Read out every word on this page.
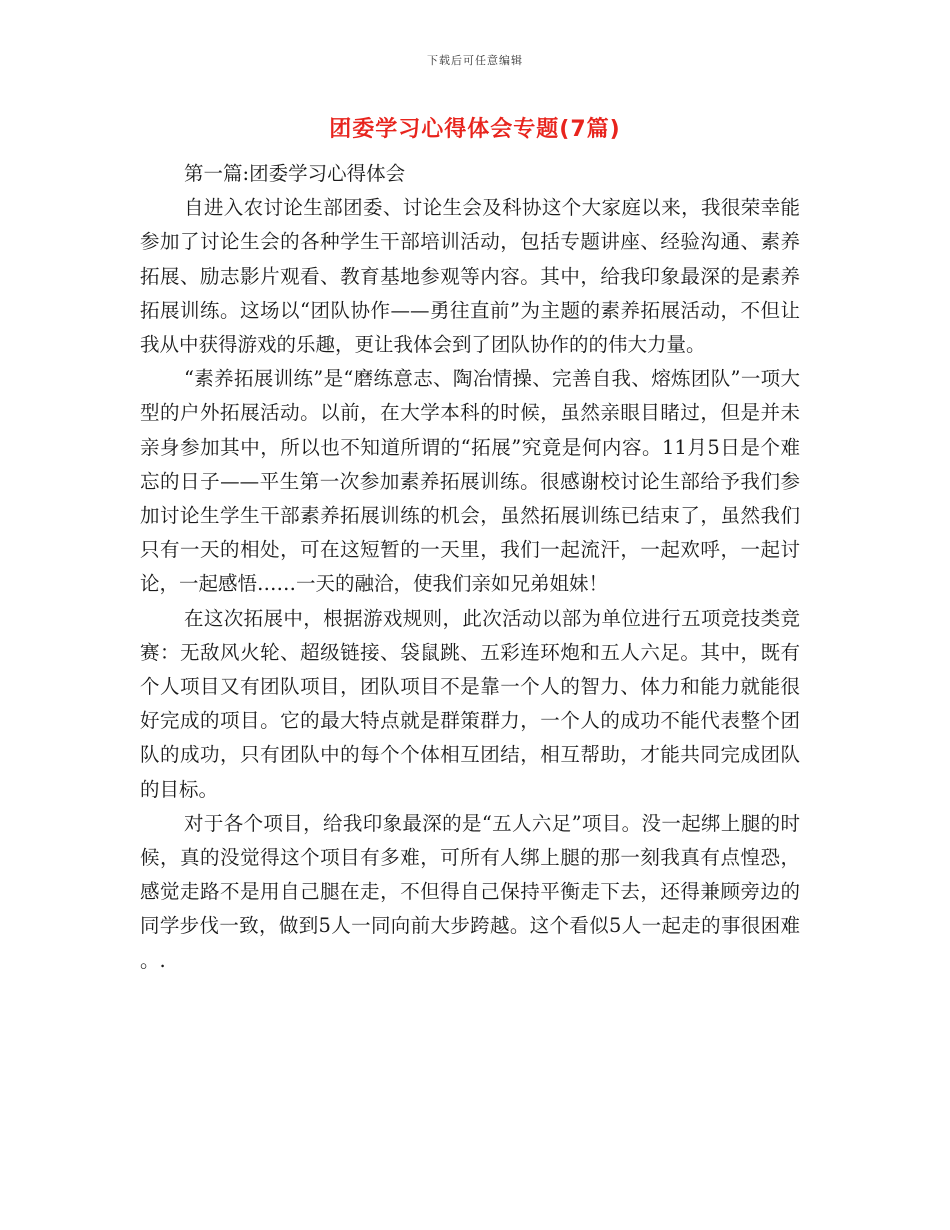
下载后可任意编辑
团委学习心得体会专题(7篇)

第一篇:团委学习心得体会

自进入农讨论生部团委、讨论生会及科协这个大家庭以来，我很荣幸能参加了讨论生会的各种学生干部培训活动，包括专题讲座、经验沟通、素养拓展、励志影片观看、教育基地参观等内容。其中，给我印象最深的是素养拓展训练。这场以“团队协作——勇往直前”为主题的素养拓展活动，不但让我从中获得游戏的乐趣，更让我体会到了团队协作的的伟大力量。

“素养拓展训练”是“磨练意志、陶冶情操、完善自我、熔炼团队”一项大型的户外拓展活动。以前，在大学本科的时候，虽然亲眼目睹过，但是并未亲身参加其中，所以也不知道所谓的“拓展”究竟是何内容。11月5日是个难忘的日子——平生第一次参加素养拓展训练。很感谢校讨论生部给予我们参加讨论生学生干部素养拓展训练的机会，虽然拓展训练已结束了，虽然我们只有一天的相处，可在这短暂的一天里，我们一起流汗，一起欢呼，一起讨论，一起感悟……一天的融洽，使我们亲如兄弟姐妹！

在这次拓展中，根据游戏规则，此次活动以部为单位进行五项竞技类竞赛：无敌风火轮、超级链接、袋鼠跳、五彩连环炮和五人六足。其中，既有个人项目又有团队项目，团队项目不是靠一个人的智力、体力和能力就能很好完成的项目。它的最大特点就是群策群力，一个人的成功不能代表整个团队的成功，只有团队中的每个个体相互团结，相互帮助，才能共同完成团队的目标。

对于各个项目，给我印象最深的是“五人六足”项目。没一起绑上腿的时候，真的没觉得这个项目有多难，可所有人绑上腿的那一刻我真有点惶恐，感觉走路不是用自己腿在走，不但得自己保持平衡走下去，还得兼顾旁边的同学步伐一致，做到5人一同向前大步跨越。这个看似5人一起走的事很困难。.
